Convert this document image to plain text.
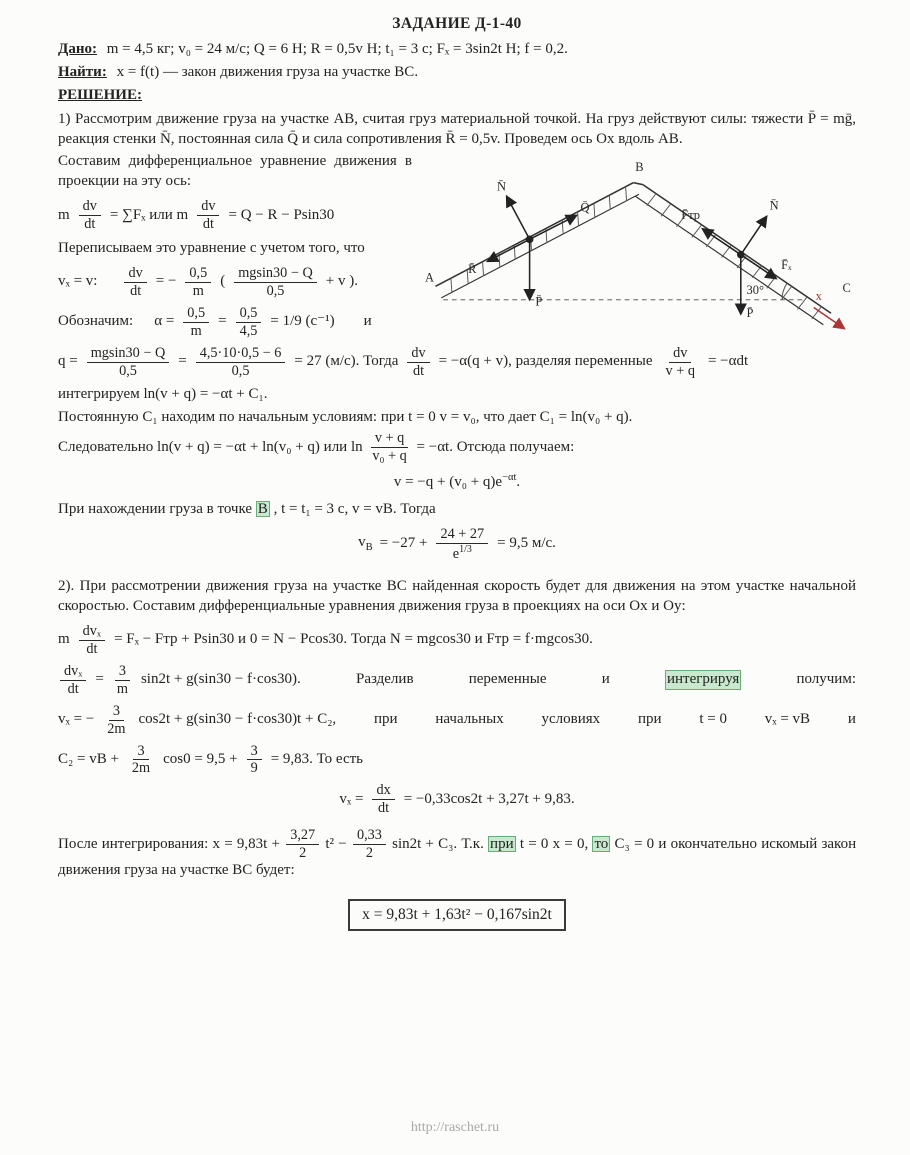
ЗАДАНИЕ Д-1-40

Дано: m = 4,5 кг; v₀ = 24 м/с; Q = 6 Н; R = 0,5v Н; t₁ = 3 с; Fₓ = 3sin2t Н; f = 0,2.

Найти: x = f(t) — закон движения груза на участке BC.

РЕШЕНИЕ:

1) Рассмотрим движение груза на участке AB, считая груз материальной точкой. На груз действуют силы: тяжести P̄ = mḡ, реакция стенки N̄, постоянная сила Q̄ и сила сопротивления R̄ = 0,5v. Проведем ось Ox вдоль AB.

30°
N̄
Q̄
R̄
P̄
N̄
F̄тр
F̄ₓ
P̄
x
A
B
C

Составим дифференциальное уравнение движения в проекции на эту ось:

m $\frac{dv}{dt} = \sum F_x$ или m $\frac{dv}{dt} = Q - R - Psin30$

Переписываем это уравнение с учетом того, что

vₓ = v: $\frac{dv}{dt}$ = − $\frac{0,5}{m}$ ( $\frac{mgsin30 - Q}{0,5} + v$ ).
Обозначим: $\alpha = \frac{0,5}{m} = \frac{0,5}{4,5} = 1/9$ (с⁻¹) и
$q = \frac{mgsin30 - Q}{0,5} = \frac{4,5\cdot 10\cdot 0,5 - 6}{0,5} = 27$ (м/с). Тогда $\frac{dv}{dt} = -\alpha(q + v)$, разделяя переменные $\frac{dv}{v + q} = -\alpha dt$

интегрируем ln(v + q) = −αt + C₁.

Постоянную C₁ находим по начальным условиям: при t = 0 v = v₀, что дает C₁ = ln(v₀ + q).

Следовательно ln(v + q) = −αt + ln(v₀ + q) или $\ln \frac{v + q}{\text{v₀ + q}} = -\alpha t$. Отсюда получаем:

$v = -q + (v_0 + q)e^{-\alpha t}$.

При нахождении груза в точке B , t = t₁ = 3 с, v = vB. Тогда

$v_B = -27 + \frac{24 + 27}{e^{1/3}} = 9,5$ м/с.

2). При рассмотрении движения груза на участке BC найденная скорость будет для движения на этом участке начальной скоростью. Составим дифференциальные уравнения движения груза в проекциях на оси Ox и Oy:

m $\frac{\text{dvₓ}}{dt} = F_x$ − Fтр + Psin30 и 0 = N − Pcos30. Тогда N = mgcos30 и Fтр = f·mgcos30.
$\frac{\text{dvₓ}}{dt} = \frac{3}{m} \sin 2t + g(\sin 30 - f\cdot\cos 30)$.	Разделив	переменные	и	интегрируя	получим:
vₓ = − $\frac{3}{2m} \cos 2t + g(\sin 30 - f\cdot\cos 30)t + C_2$,	при	начальных	условиях	при	t = 0	vₓ = vB	и
C₂ = vB + $\frac{3}{2m} \cos 0 = 9,5 + \frac{3}{9} = 9,83$. То есть
$v_x = \frac{dx}{dt} = -0,33\cos 2t + 3,27t + 9,83$.

После интегрирования: $x = 9,83t + \frac{3,27}{2} t^2 - \frac{0,33}{2} \sin 2t + C_3$. Т.к. при t = 0 x = 0, то C₃ = 0 и окончательно искомый закон движения груза на участке BC будет:

x = 9,83t + 1,63t² − 0,167sin2t
http://raschet.ru
